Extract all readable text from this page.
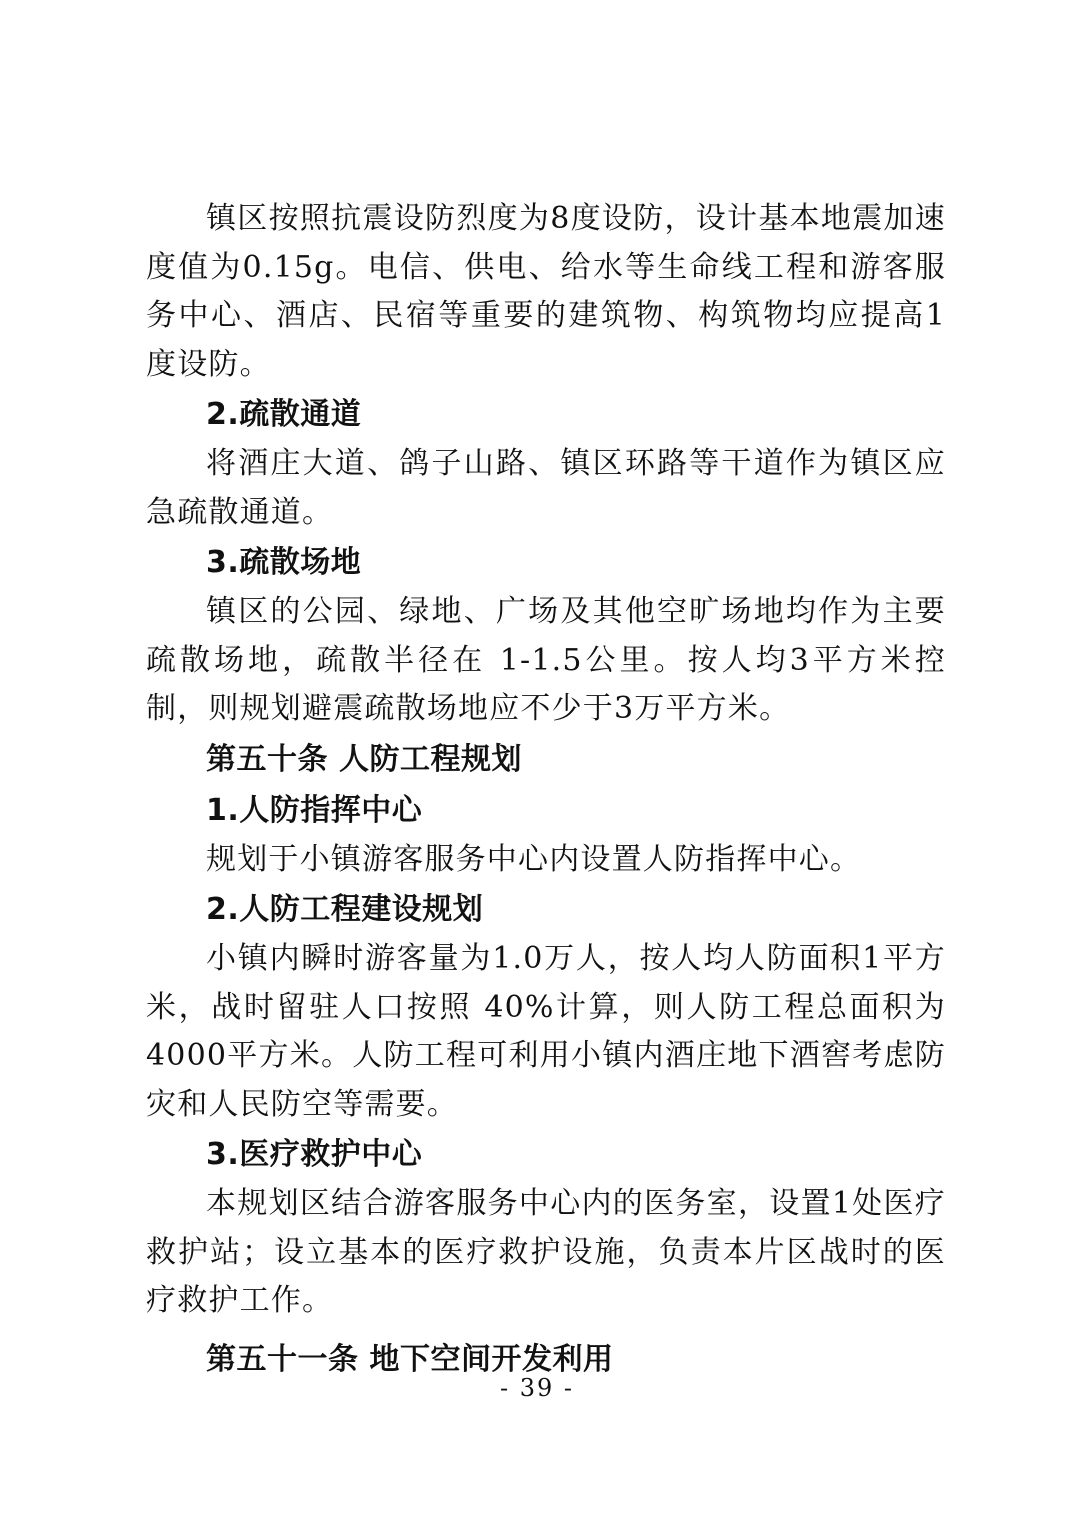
镇区按照抗震设防烈度为8度设防，设计基本地震加速度值为0.15g。电信、供电、给水等生命线工程和游客服务中心、酒店、民宿等重要的建筑物、构筑物均应提高1度设防。

2.疏散通道

将酒庄大道、鸽子山路、镇区环路等干道作为镇区应急疏散通道。

3.疏散场地

镇区的公园、绿地、广场及其他空旷场地均作为主要疏散场地，疏散半径在 1-1.5公里。按人均3平方米控制，则规划避震疏散场地应不少于3万平方米。

第五十条 人防工程规划
1.人防指挥中心

规划于小镇游客服务中心内设置人防指挥中心。

2.人防工程建设规划

小镇内瞬时游客量为1.0万人，按人均人防面积1平方米，战时留驻人口按照 40%计算，则人防工程总面积为4000平方米。人防工程可利用小镇内酒庄地下酒窖考虑防灾和人民防空等需要。

3.医疗救护中心

本规划区结合游客服务中心内的医务室，设置1处医疗救护站；设立基本的医疗救护设施，负责本片区战时的医疗救护工作。

第五十一条 地下空间开发利用
- 39 -
